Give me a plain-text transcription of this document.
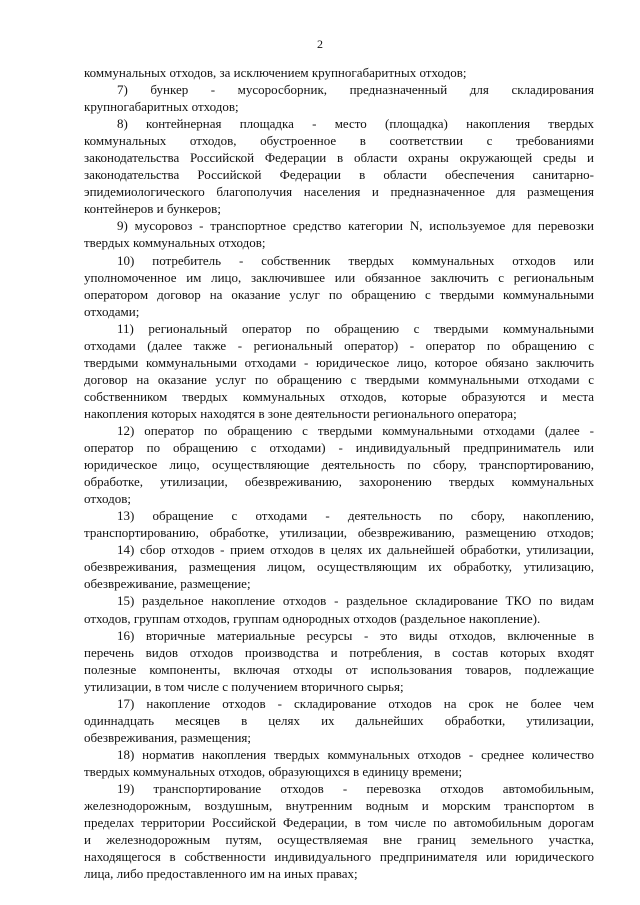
2
коммунальных отходов, за исключением крупногабаритных отходов;
7) бункер - мусоросборник, предназначенный для складирования
крупногабаритных отходов;
8) контейнерная площадка - место (площадка) накопления твердых
коммунальных отходов, обустроенное в соответствии с требованиями
законодательства Российской Федерации в области охраны окружающей среды и
законодательства Российской Федерации в области обеспечения санитарно-
эпидемиологического благополучия населения и предназначенное для размещения
контейнеров и бункеров;
9) мусоровоз - транспортное средство категории N, используемое для перевозки
твердых коммунальных отходов;
10) потребитель - собственник твердых коммунальных отходов или
уполномоченное им лицо, заключившее или обязанное заключить с региональным
оператором договор на оказание услуг по обращению с твердыми коммунальными
отходами;
11) региональный оператор по обращению с твердыми коммунальными
отходами (далее также - региональный оператор) - оператор по обращению с
твердыми коммунальными отходами - юридическое лицо, которое обязано заключить
договор на оказание услуг по обращению с твердыми коммунальными отходами с
собственником твердых коммунальных отходов, которые образуются и места
накопления которых находятся в зоне деятельности регионального оператора;
12) оператор по обращению с твердыми коммунальными отходами (далее -
оператор по обращению с отходами) - индивидуальный предприниматель или
юридическое лицо, осуществляющие деятельность по сбору, транспортированию,
обработке, утилизации, обезвреживанию, захоронению твердых коммунальных
отходов;
13) обращение с отходами - деятельность по сбору, накоплению,
транспортированию, обработке, утилизации, обезвреживанию, размещению отходов;
14) сбор отходов - прием отходов в целях их дальнейшей обработки, утилизации,
обезвреживания, размещения лицом, осуществляющим их обработку, утилизацию,
обезвреживание, размещение;
15) раздельное накопление отходов - раздельное складирование ТКО по видам
отходов, группам отходов, группам однородных отходов (раздельное накопление).
16) вторичные материальные ресурсы - это виды отходов, включенные в
перечень видов отходов производства и потребления, в состав которых входят
полезные компоненты, включая отходы от использования товаров, подлежащие
утилизации, в том числе с получением вторичного сырья;
17) накопление отходов - складирование отходов на срок не более чем
одиннадцать месяцев в целях их дальнейших обработки, утилизации,
обезвреживания, размещения;
18) норматив накопления твердых коммунальных отходов - среднее количество
твердых коммунальных отходов, образующихся в единицу времени;
19) транспортирование отходов - перевозка отходов автомобильным,
железнодорожным, воздушным, внутренним водным и морским транспортом в
пределах территории Российской Федерации, в том числе по автомобильным дорогам
и железнодорожным путям, осуществляемая вне границ земельного участка,
находящегося в собственности индивидуального предпринимателя или юридического
лица, либо предоставленного им на иных правах;
